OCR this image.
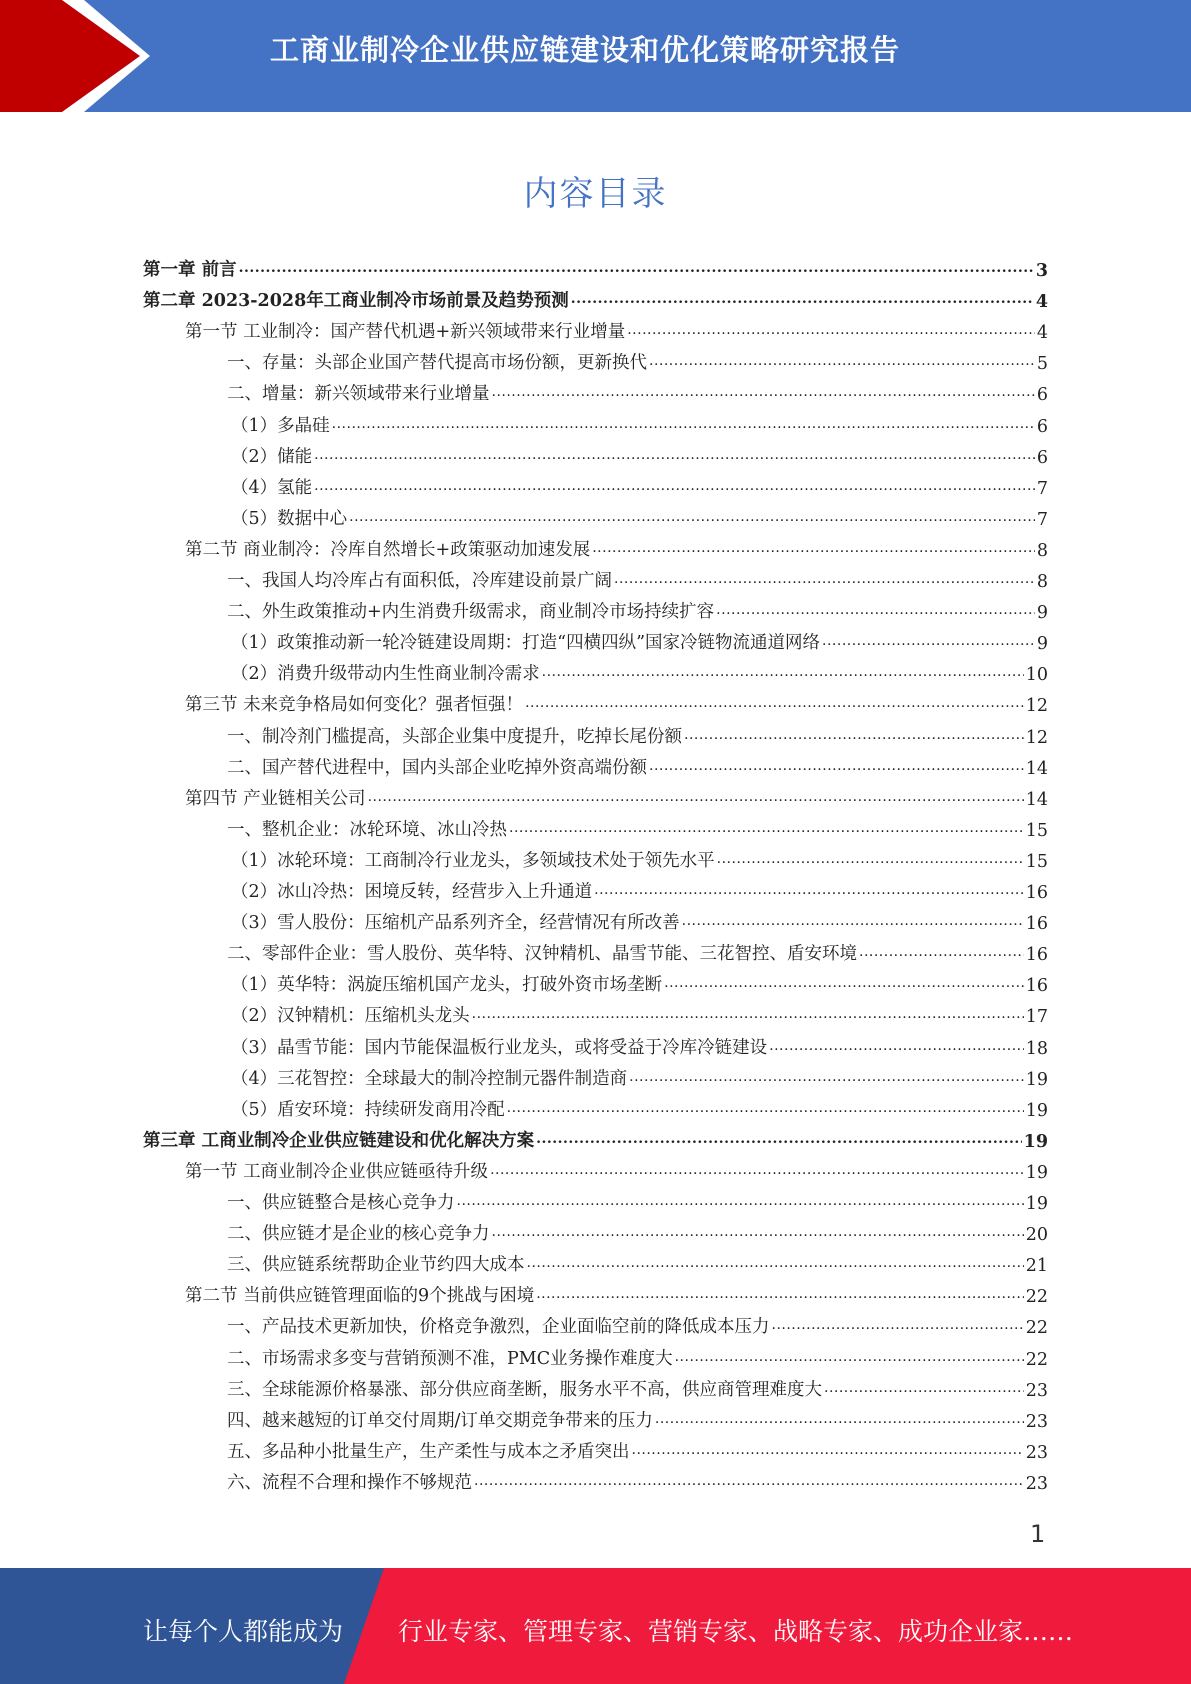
工商业制冷企业供应链建设和优化策略研究报告
内容目录
第一章 前言 .....	3
第二章 2023-2028年工商业制冷市场前景及趋势预测 .....	4
第一节 工业制冷：国产替代机遇+新兴领域带来行业增量 .....	4
一、存量：头部企业国产替代提高市场份额，更新换代 .....	5
二、增量：新兴领域带来行业增量 .....	6
（1）多晶硅 .....	6
（2）储能 .....	6
（4）氢能 .....	7
（5）数据中心 .....	7
第二节 商业制冷：冷库自然增长+政策驱动加速发展 .....	8
一、我国人均冷库占有面积低，冷库建设前景广阔 .....	8
二、外生政策推动+内生消费升级需求，商业制冷市场持续扩容 .....	9
（1）政策推动新一轮冷链建设周期：打造“四横四纵”国家冷链物流通道网络 .....	9
（2）消费升级带动内生性商业制冷需求 .....	10
第三节 未来竞争格局如何变化？强者恒强！ .....	12
一、制冷剂门槛提高，头部企业集中度提升，吃掉长尾份额 .....	12
二、国产替代进程中，国内头部企业吃掉外资高端份额 .....	14
第四节 产业链相关公司 .....	14
一、整机企业：冰轮环境、冰山冷热 .....	15
（1）冰轮环境：工商制冷行业龙头，多领域技术处于领先水平 .....	15
（2）冰山冷热：困境反转，经营步入上升通道 .....	16
（3）雪人股份：压缩机产品系列齐全，经营情况有所改善 .....	16
二、零部件企业：雪人股份、英华特、汉钟精机、晶雪节能、三花智控、盾安环境 .....	16
（1）英华特：涡旋压缩机国产龙头，打破外资市场垄断 .....	16
（2）汉钟精机：压缩机头龙头 .....	17
（3）晶雪节能：国内节能保温板行业龙头，或将受益于冷库冷链建设 .....	18
（4）三花智控：全球最大的制冷控制元器件制造商 .....	19
（5）盾安环境：持续研发商用冷配 .....	19
第三章 工商业制冷企业供应链建设和优化解决方案 .....	19
第一节 工商业制冷企业供应链亟待升级 .....	19
一、供应链整合是核心竞争力 .....	19
二、供应链才是企业的核心竞争力 .....	20
三、供应链系统帮助企业节约四大成本 .....	21
第二节 当前供应链管理面临的9个挑战与困境 .....	22
一、产品技术更新加快，价格竞争激烈，企业面临空前的降低成本压力 .....	22
二、市场需求多变与营销预测不准，PMC业务操作难度大 .....	22
三、全球能源价格暴涨、部分供应商垄断，服务水平不高，供应商管理难度大 .....	23
四、越来越短的订单交付周期/订单交期竞争带来的压力 .....	23
五、多品种小批量生产，生产柔性与成本之矛盾突出 .....	23
六、流程不合理和操作不够规范 .....	23
1
让每个人都能成为 行业专家、管理专家、营销专家、战略专家、成功企业家……
